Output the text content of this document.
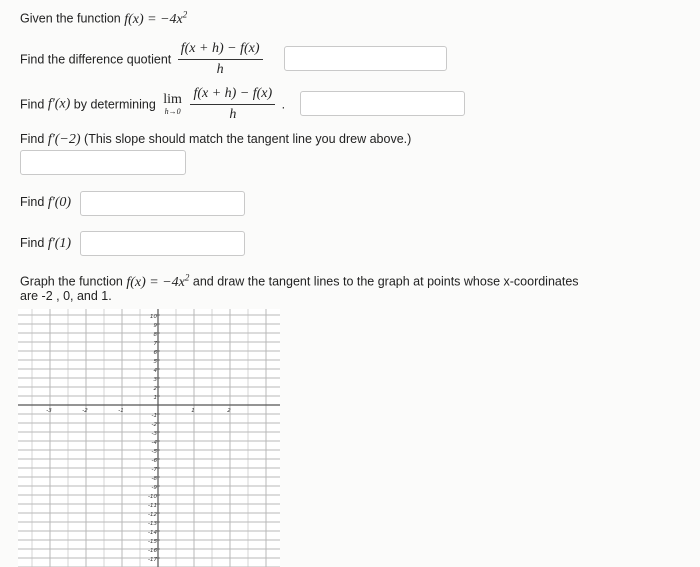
Given the function $f(x) = -4x^2$
Find the difference quotient $\frac{f(x + h) - f(x)}{h}$
Find f′(x) by determining lim
h→0
$\frac{f(x + h) - f(x)}{h}$ .
Find f′(−2) (This slope should match the tangent line you drew above.)
Find f′(0)
Find f′(1)
Graph the function $f(x) = -4x^2$ and draw the tangent lines to the graph at points whose x-coordinates
are -2 , 0, and 1.
10
9
8
7
6
5
4
3
2
1
-1
-2
-3
-4
-5
-6
-7
-8
-9
-10
-11
-12
-13
-14
-15
-16
-17
-3	-2	-1	1	2
